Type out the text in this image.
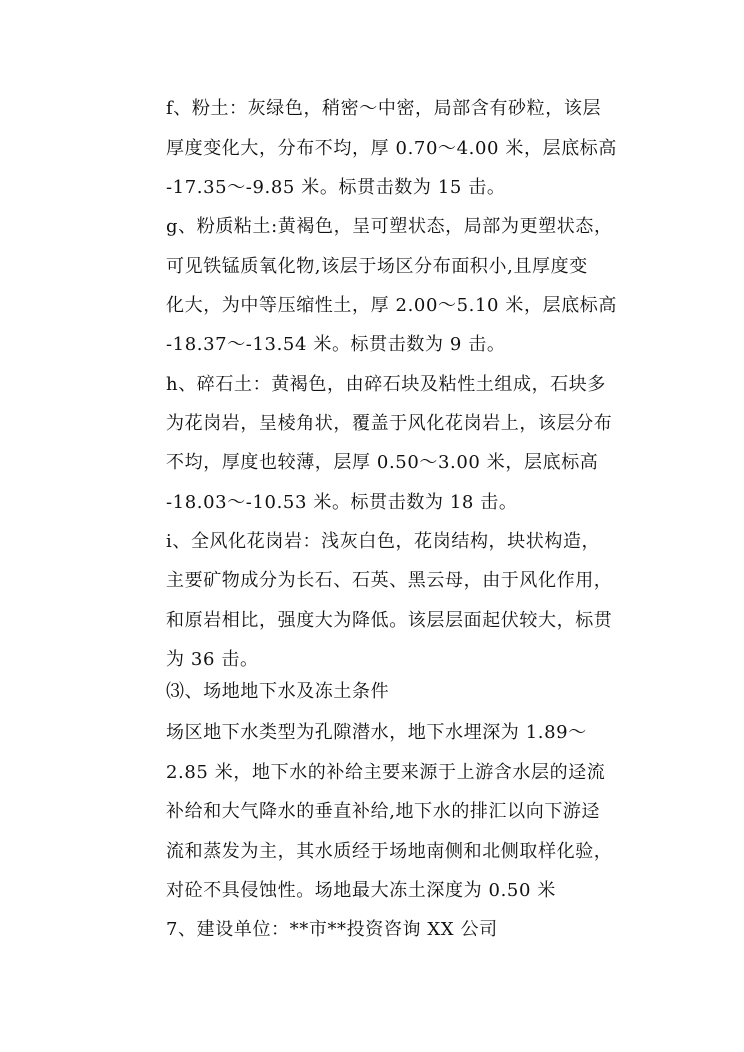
f、粉土：灰绿色，稍密～中密，局部含有砂粒，该层
厚度变化大，分布不均，厚 0.70～4.00 米，层底标高
-17.35～-9.85 米。标贯击数为 15 击。
g、粉质粘土:黄褐色，呈可塑状态，局部为更塑状态，
可见铁锰质氧化物,该层于场区分布面积小,且厚度变
化大，为中等压缩性土，厚 2.00～5.10 米，层底标高
-18.37～-13.54 米。标贯击数为 9 击。
h、碎石土：黄褐色，由碎石块及粘性土组成，石块多
为花岗岩，呈棱角状，覆盖于风化花岗岩上，该层分布
不均，厚度也较薄，层厚 0.50～3.00 米，层底标高
-18.03～-10.53 米。标贯击数为 18 击。
i、全风化花岗岩：浅灰白色，花岗结构，块状构造，
主要矿物成分为长石、石英、黑云母，由于风化作用，
和原岩相比，强度大为降低。该层层面起伏较大，标贯
为 36 击。
⑶、场地地下水及冻土条件
场区地下水类型为孔隙潜水，地下水埋深为 1.89～
2.85 米，地下水的补给主要来源于上游含水层的迳流
补给和大气降水的垂直补给,地下水的排汇以向下游迳
流和蒸发为主，其水质经于场地南侧和北侧取样化验，
对砼不具侵蚀性。场地最大冻土深度为 0.50 米
7、建设单位：**市**投资咨询 XX 公司
